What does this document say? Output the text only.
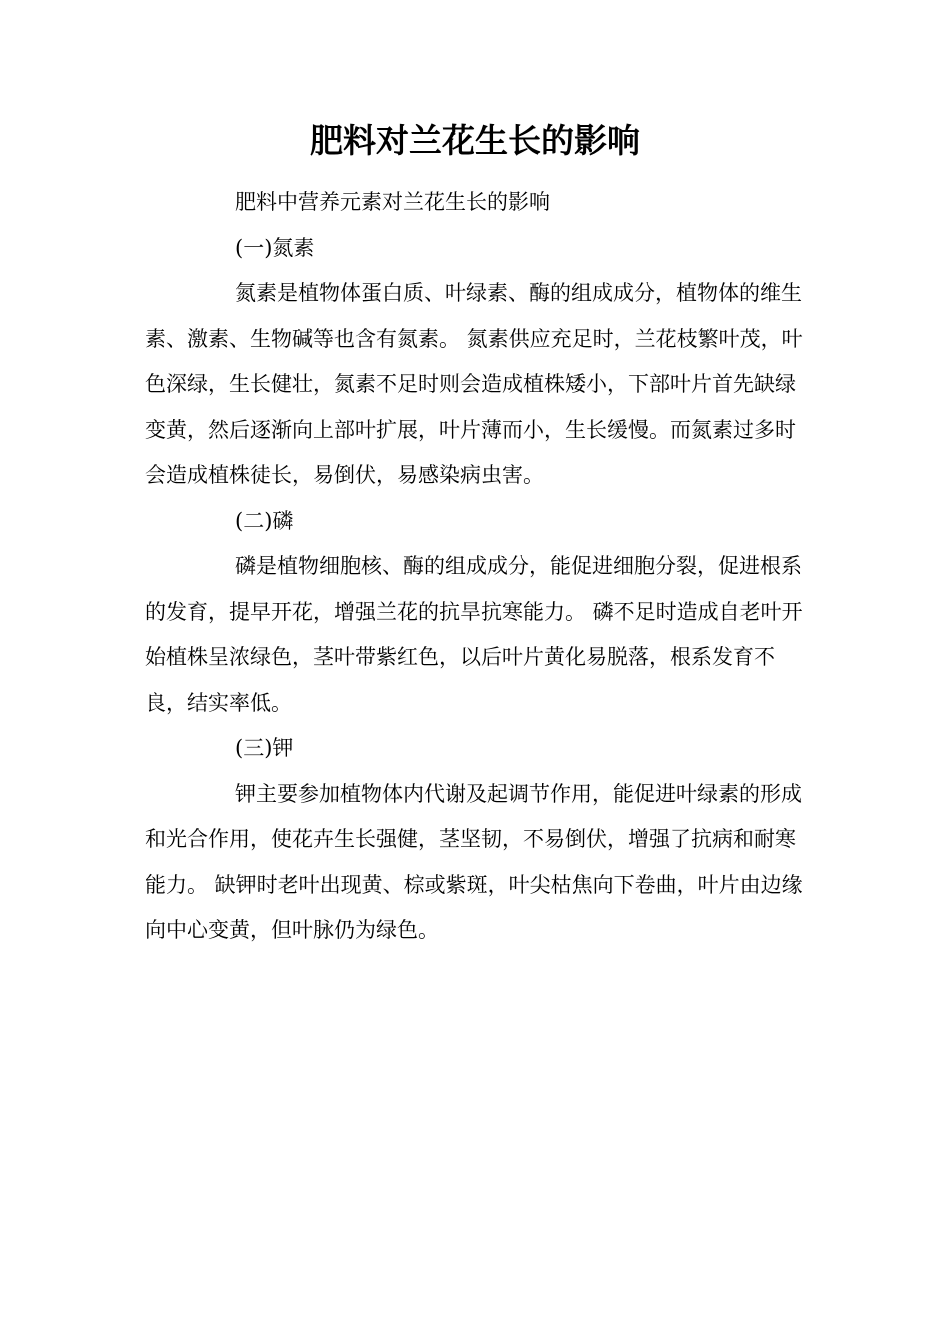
肥料对兰花生长的影响

肥料中营养元素对兰花生长的影响

(一)氮素

氮素是植物体蛋白质、叶绿素、酶的组成成分，植物体的维生素、激素、生物碱等也含有氮素。 氮素供应充足时，兰花枝繁叶茂，叶色深绿，生长健壮，氮素不足时则会造成植株矮小，下部叶片首先缺绿变黄，然后逐渐向上部叶扩展，叶片薄而小，生长缓慢。而氮素过多时会造成植株徒长，易倒伏，易感染病虫害。

(二)磷

磷是植物细胞核、酶的组成成分，能促进细胞分裂，促进根系的发育，提早开花，增强兰花的抗旱抗寒能力。 磷不足时造成自老叶开始植株呈浓绿色，茎叶带紫红色，以后叶片黄化易脱落，根系发育不良，结实率低。

(三)钾

钾主要参加植物体内代谢及起调节作用，能促进叶绿素的形成和光合作用，使花卉生长强健，茎坚韧，不易倒伏，增强了抗病和耐寒能力。 缺钾时老叶出现黄、棕或紫斑，叶尖枯焦向下卷曲，叶片由边缘向中心变黄，但叶脉仍为绿色。
